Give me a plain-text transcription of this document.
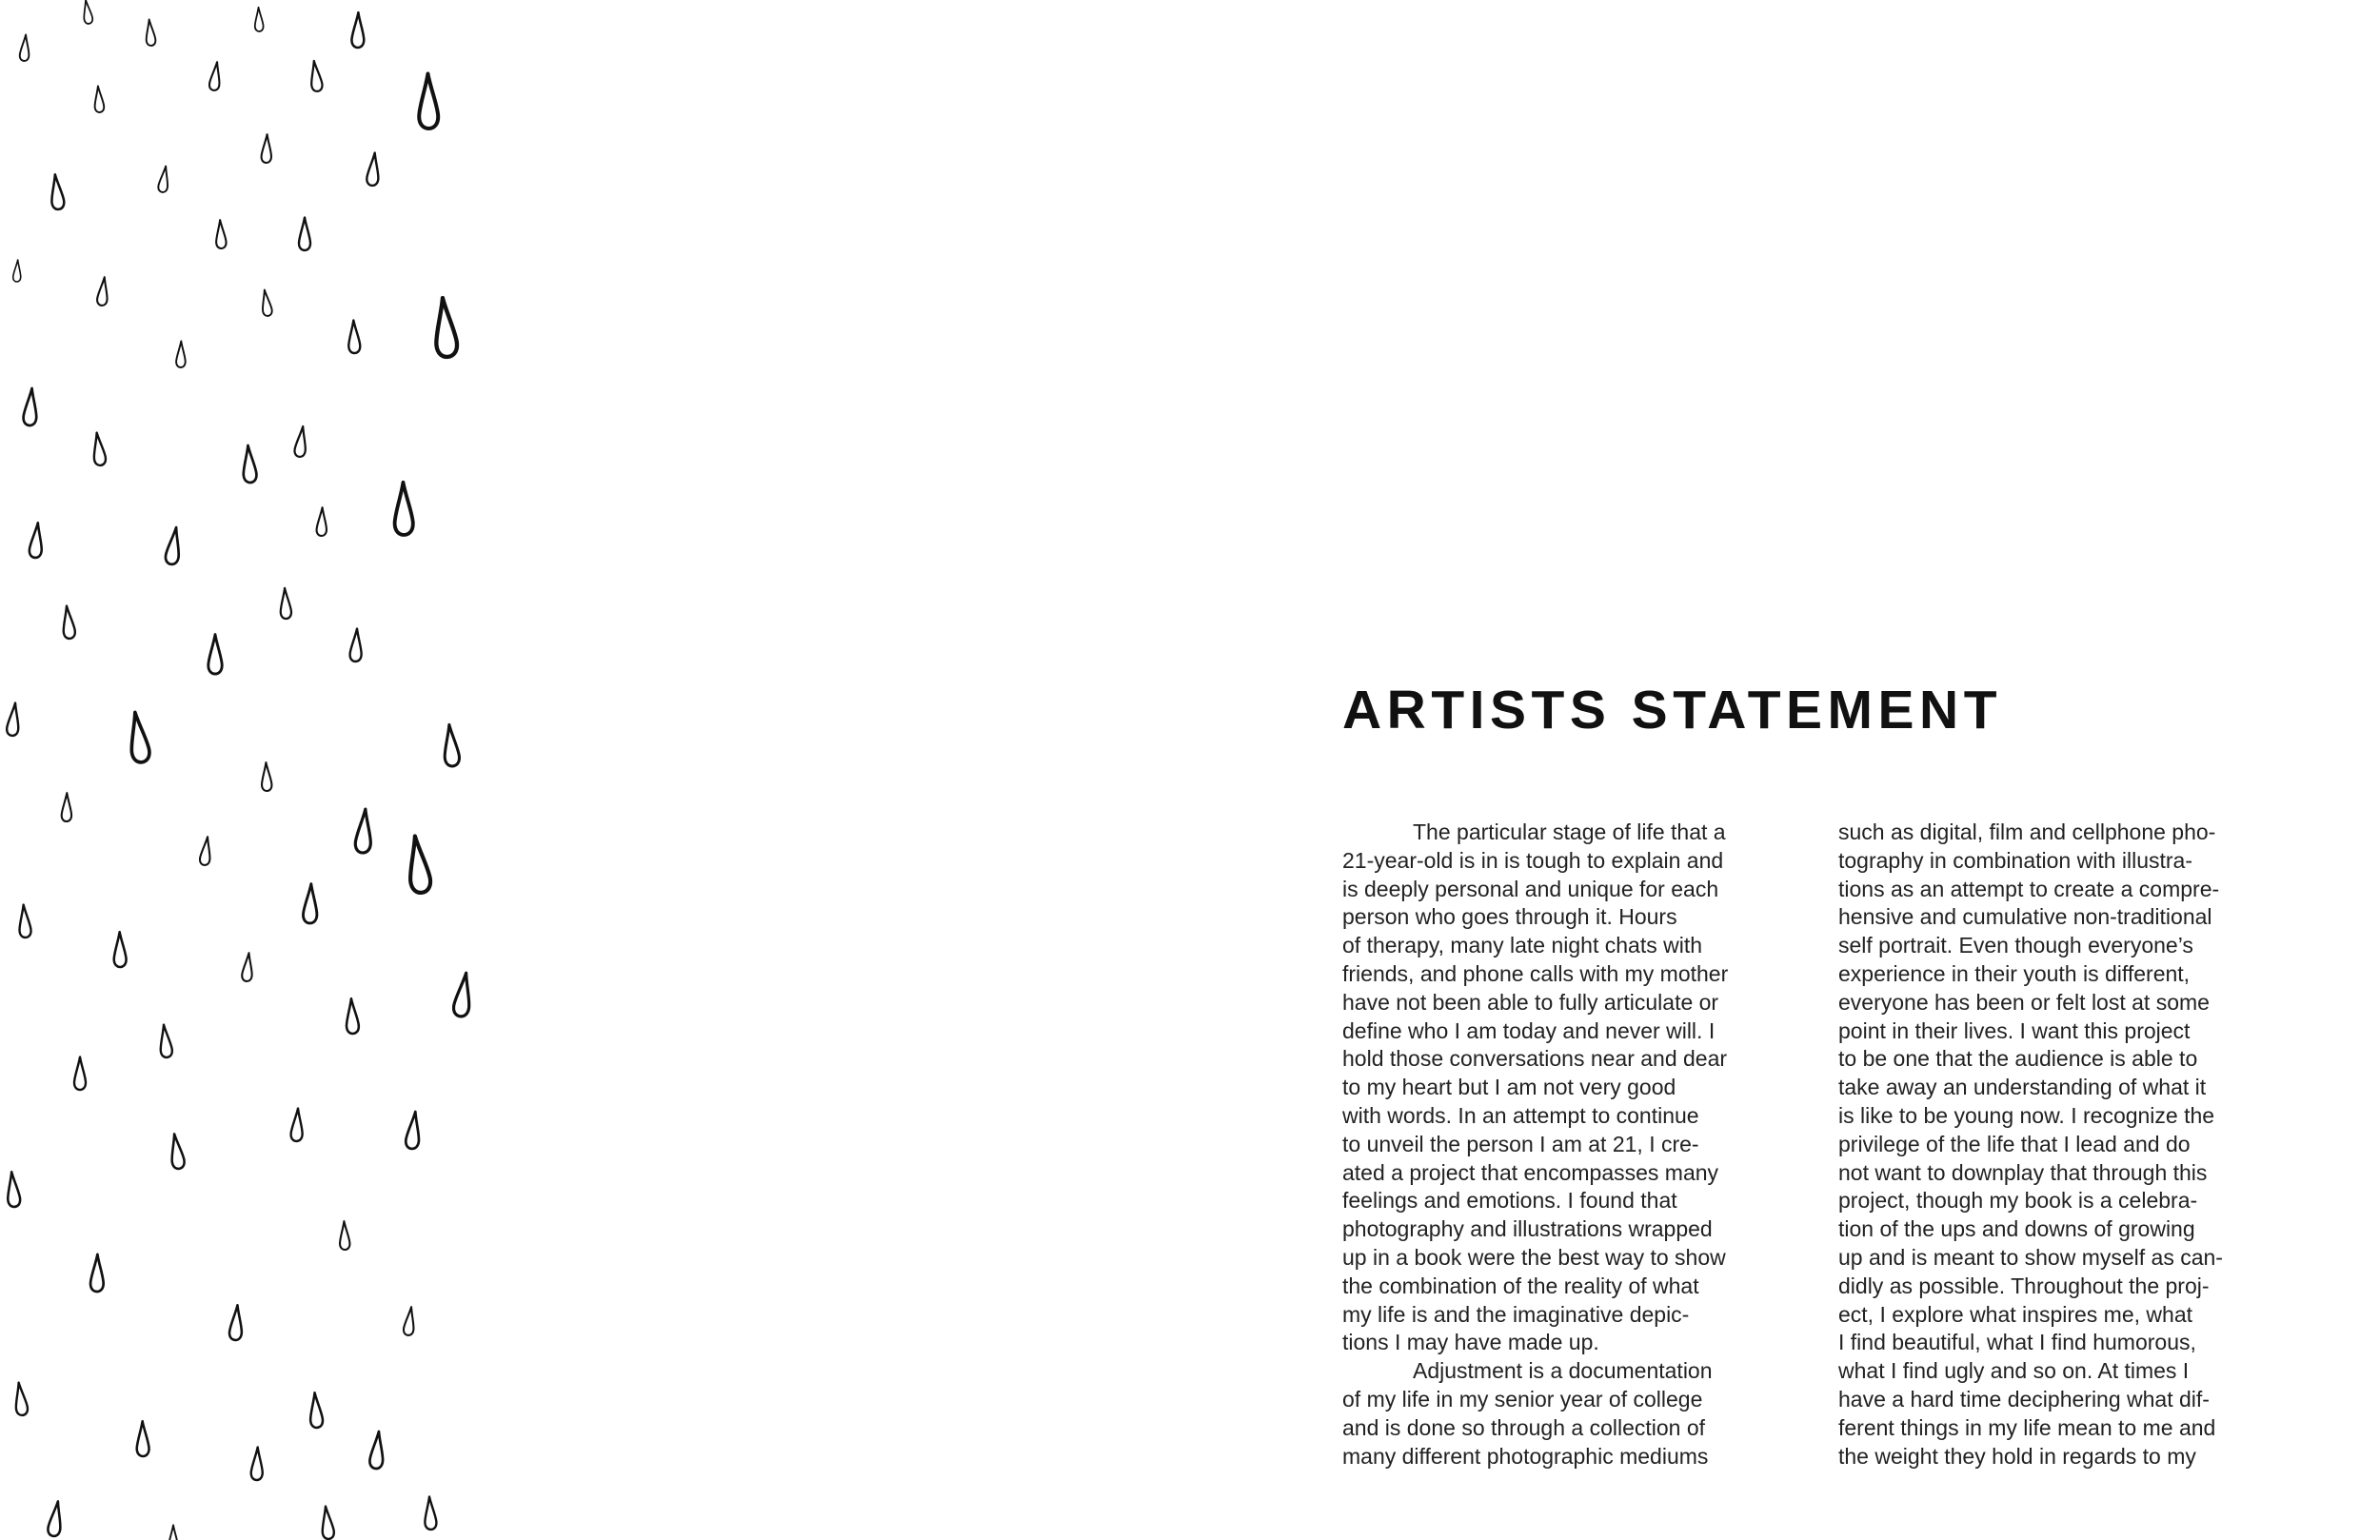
ARTISTS STATEMENT
The particular stage of life that a
21-year-old is in is tough to explain and
is deeply personal and unique for each
person who goes through it. Hours
of therapy, many late night chats with
friends, and phone calls with my mother
have not been able to fully articulate or
define who I am today and never will. I
hold those conversations near and dear
to my heart but I am not very good
with words. In an attempt to continue
to unveil the person I am at 21, I cre-
ated a project that encompasses many
feelings and emotions. I found that
photography and illustrations wrapped
up in a book were the best way to show
the combination of the reality of what
my life is and the imaginative depic-
tions I may have made up.
Adjustment is a documentation
of my life in my senior year of college
and is done so through a collection of
many different photographic mediums
such as digital, film and cellphone pho-
tography in combination with illustra-
tions as an attempt to create a compre-
hensive and cumulative non-traditional
self portrait. Even though everyone’s
experience in their youth is different,
everyone has been or felt lost at some
point in their lives. I want this project
to be one that the audience is able to
take away an understanding of what it
is like to be young now. I recognize the
privilege of the life that I lead and do
not want to downplay that through this
project, though my book is a celebra-
tion of the ups and downs of growing
up and is meant to show myself as can-
didly as possible. Throughout the proj-
ect, I explore what inspires me, what
I find beautiful, what I find humorous,
what I find ugly and so on. At times I
have a hard time deciphering what dif-
ferent things in my life mean to me and
the weight they hold in regards to my
